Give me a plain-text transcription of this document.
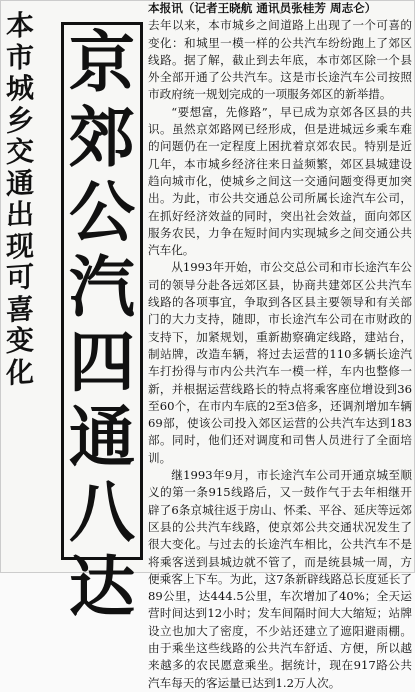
本
市
城
乡
交
通
出
现
可
喜
变
化
京
郊
公
汽
四
通
八
达

本报讯（记者王晓航 通讯员张桂芳 周志仑）

去年以来，本市城乡之间道路上出现了一个可喜的变化：和城里一模一样的公共汽车纷纷跑上了郊区线路。据了解，截止到去年底，本市郊区除一个县外全部开通了公共汽车。这是市长途汽车公司按照市政府统一规划完成的一项服务郊区的新举措。

“要想富，先修路”，早已成为京郊各区县的共识。虽然京郊路网已经形成，但是进城远乡乘车难的问题仍在一定程度上困扰着京郊农民。特别是近几年，本市城乡经济往来日益频繁，郊区县城建设趋向城市化，使城乡之间这一交通问题变得更加突出。为此，市公共交通总公司所属长途汽车公司，在抓好经济效益的同时，突出社会效益，面向郊区服务农民，力争在短时间内实现城乡之间交通公共汽车化。

从1993年开始，市公交总公司和市长途汽车公司的领导分赴各远郊区县，协商共建郊区公共汽车线路的各项事宜，争取到各区县主要领导和有关部门的大力支持，随即，市长途汽车公司在市财政的支持下，加紧规划，重新勘察确定线路，建站台，制站牌，改造车辆，将过去运营的110多辆长途汽车打扮得与市内公共汽车一模一样，车内也整修一新，并根据运营线路长的特点将乘客座位增设到36至60个，在市内车底的2至3倍多，还调剂增加车辆69部，使该公司投入郊区运营的公共汽车达到183部。同时，他们还对调度和司售人员进行了全面培训。

继1993年9月，市长途汽车公司开通京城至顺义的第一条915线路后，又一鼓作气于去年相继开辟了6条京城往返于房山、怀柔、平谷、延庆等远郊区县的公共汽车线路，使京郊公共交通状况发生了很大变化。与过去的长途汽车相比，公共汽车不是将乘客送到县城边就不管了，而是统县城一周，方便乘客上下车。为此，这7条新辟线路总长度延长了89公里，达444.5公里，车次增加了40%；全天运营时间达到12小时；发车间隔时间大大缩短；站牌设立也加大了密度，不少站还建立了遮阳避雨棚。由于乘坐这些线路的公共汽车舒适、方便，所以越来越多的农民愿意乘坐。据统计，现在917路公共汽车每天的客运量已达到1.2万人次。
